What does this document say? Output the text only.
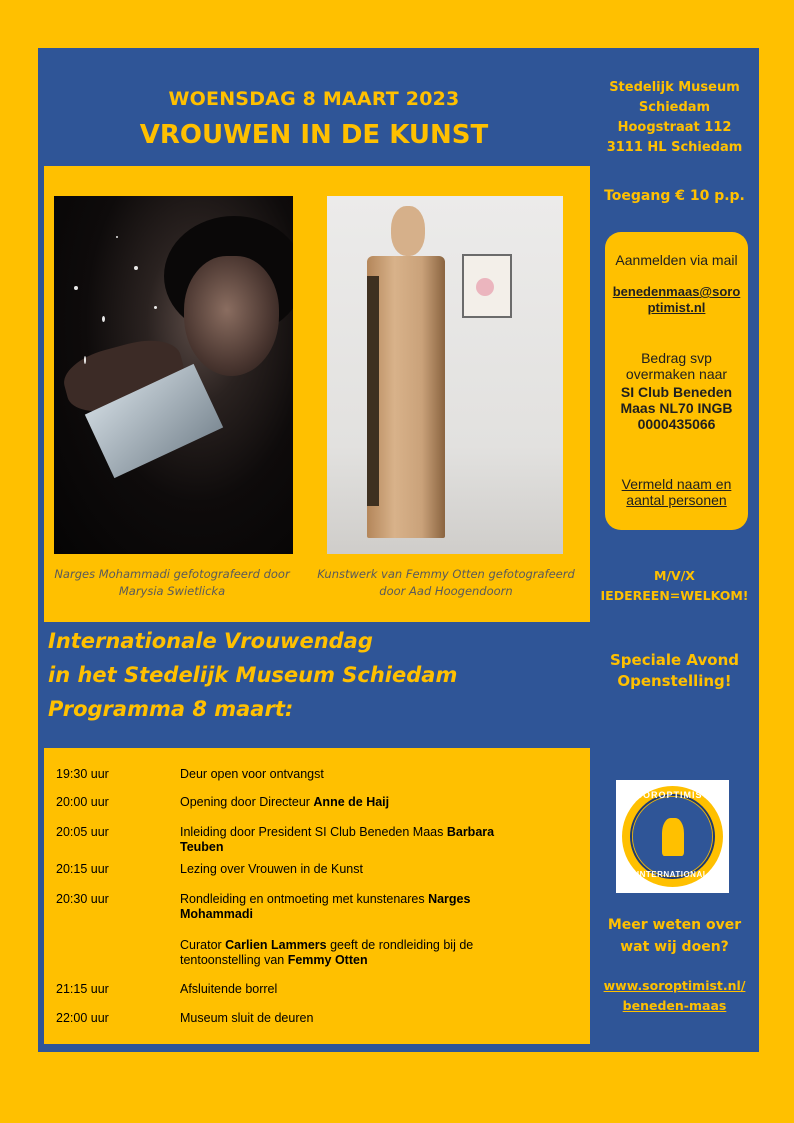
WOENSDAG 8 MAART 2023
VROUWEN IN DE KUNST
Narges Mohammadi gefotografeerd door Marysia Swietlicka
Kunstwerk van Femmy Otten gefotografeerd door Aad Hoogendoorn
Stedelijk Museum
Schiedam
Hoogstraat 112
3111 HL Schiedam
Toegang € 10 p.p.
M/V/X
IEDEREEN=WELKOM!
Speciale Avond
Openstelling!
Meer weten over
wat wij doen?
www.soroptimist.nl/
beneden-maas
Aanmelden via mail
benedenmaas@soroptimist.nl
Bedrag svp overmaken naar
SI Club Beneden Maas NL70 INGB 0000435066
Vermeld naam en aantal personen
SOROPTIMIST
INTERNATIONAL
Internationale Vrouwendag
in het Stedelijk Museum Schiedam
Programma 8 maart:
19:30 uur	Deur open voor ontvangst
20:00 uur	Opening door Directeur Anne de Haij
20:05 uur	Inleiding door President SI Club Beneden Maas Barbara Teuben
20:15 uur	Lezing over Vrouwen in de Kunst
20:30 uur	Rondleiding en ontmoeting met kunstenares Narges Mohammadi
Curator Carlien Lammers geeft de rondleiding bij de tentoonstelling van Femmy Otten
21:15 uur	Afsluitende borrel
22:00 uur	Museum sluit de deuren
